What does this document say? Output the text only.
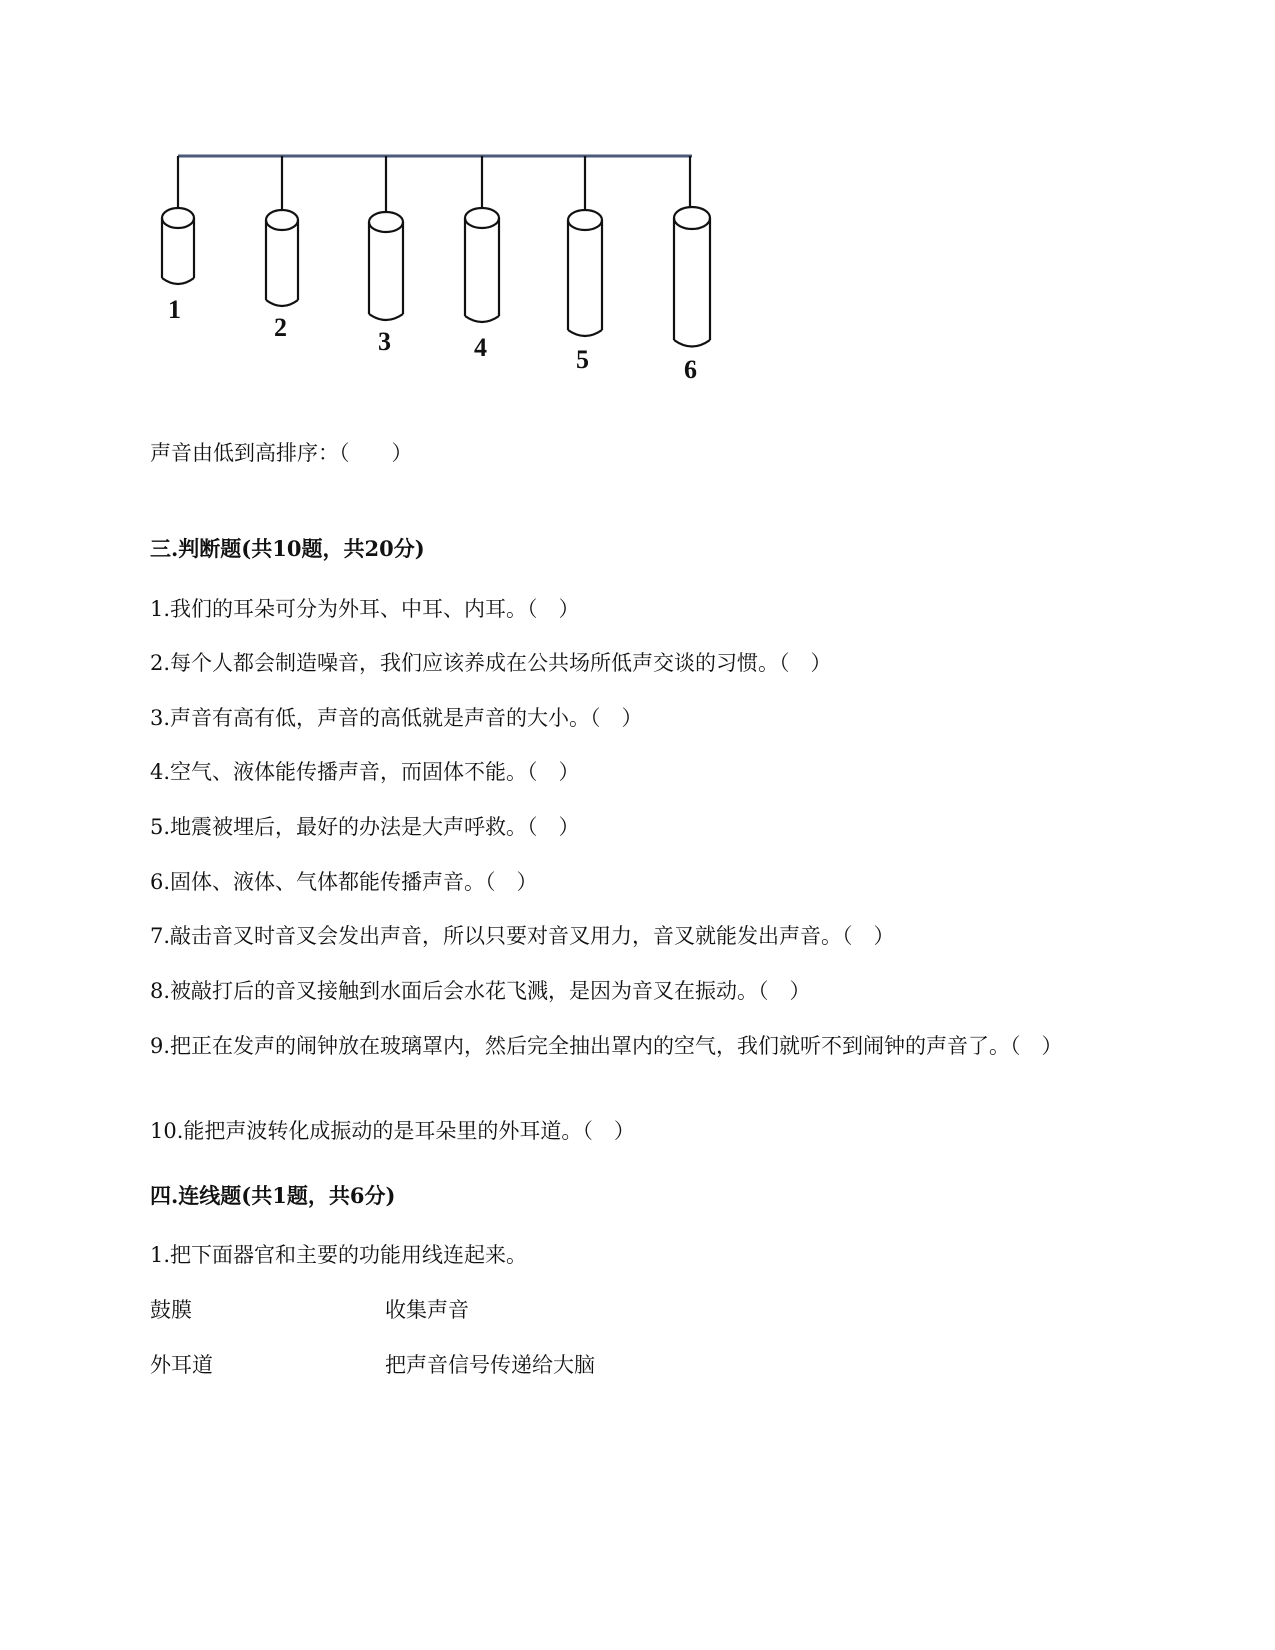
1
2	3	4	5	6
声音由低到高排序：（　　）
三.判断题(共10题，共20分)
1.我们的耳朵可分为外耳、中耳、内耳。（　）
2.每个人都会制造噪音，我们应该养成在公共场所低声交谈的习惯。（　）
3.声音有高有低，声音的高低就是声音的大小。（　）
4.空气、液体能传播声音，而固体不能。（　）
5.地震被埋后，最好的办法是大声呼救。（　）
6.固体、液体、气体都能传播声音。（　）
7.敲击音叉时音叉会发出声音，所以只要对音叉用力，音叉就能发出声音。（　）
8.被敲打后的音叉接触到水面后会水花飞溅，是因为音叉在振动。（　）
9.把正在发声的闹钟放在玻璃罩内，然后完全抽出罩内的空气，我们就听不到闹钟的声音了。（　）
10.能把声波转化成振动的是耳朵里的外耳道。（　）
四.连线题(共1题，共6分)
1.把下面器官和主要的功能用线连起来。
鼓膜	收集声音
外耳道	把声音信号传递给大脑
